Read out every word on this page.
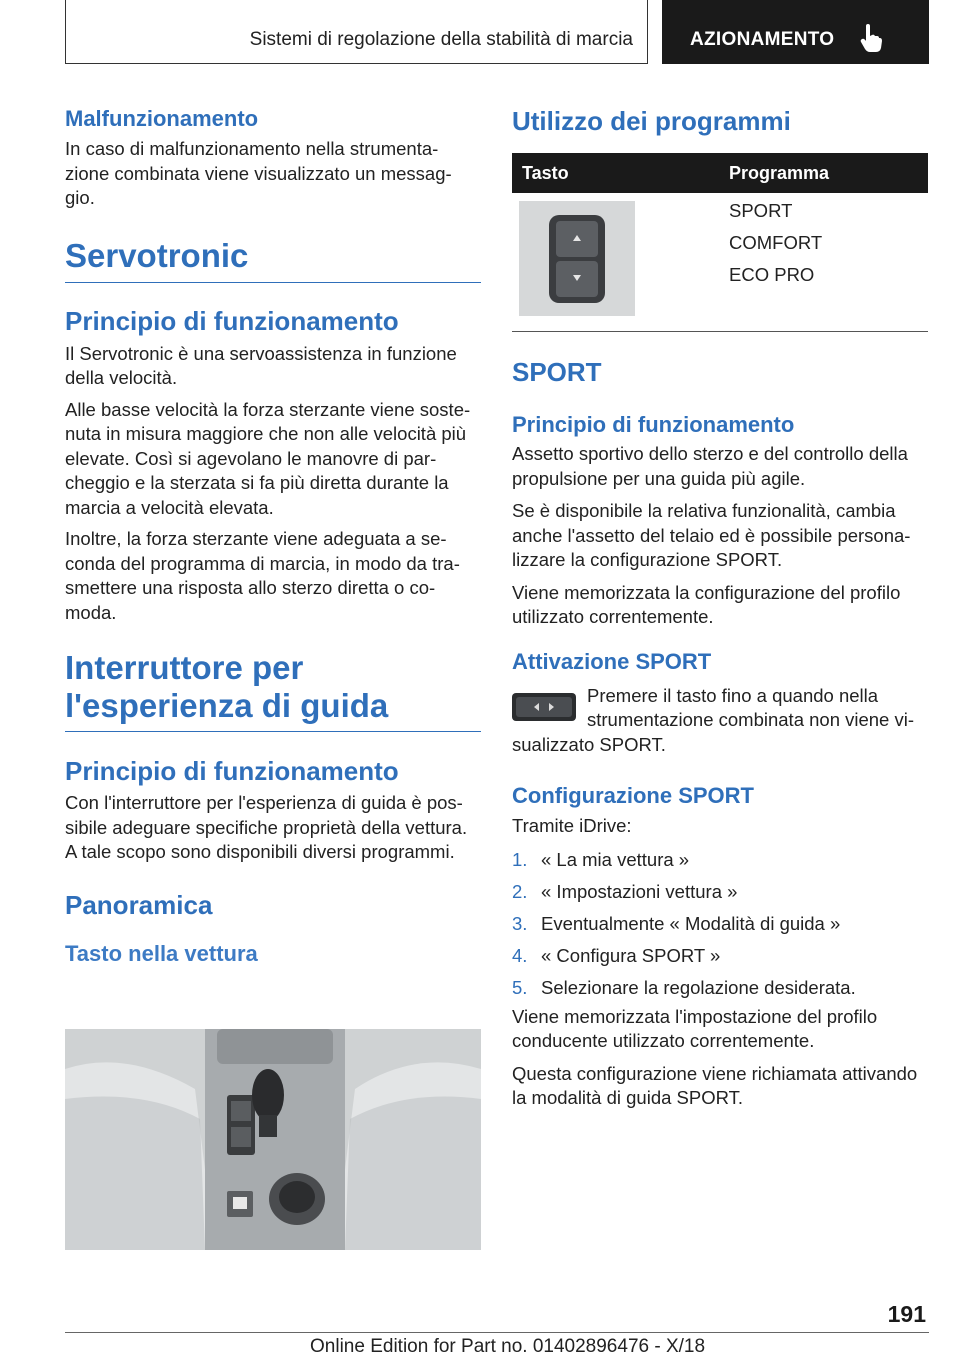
Sistemi di regolazione della stabilità di marcia	AZIONAMENTO
Malfunzionamento

In caso di malfunzionamento nella strumenta-
zione combinata viene visualizzato un messag-
gio.

Servotronic
Principio di funzionamento

Il Servotronic è una servoassistenza in funzione
della velocità.

Alle basse velocità la forza sterzante viene soste-
nuta in misura maggiore che non alle velocità più
elevate. Così si agevolano le manovre di par-
cheggio e la sterzata si fa più diretta durante la
marcia a velocità elevata.

Inoltre, la forza sterzante viene adeguata a se-
conda del programma di marcia, in modo da tra-
smettere una risposta allo sterzo diretta o co-
moda.

Interruttore per
l'esperienza di guida
Principio di funzionamento

Con l'interruttore per l'esperienza di guida è pos-
sibile adeguare specifiche proprietà della vettura.
A tale scopo sono disponibili diversi programmi.

Panoramica
Tasto nella vettura
Utilizzo dei programmi
Tasto	Programma

SPORT
COMFORT
ECO PRO
SPORT
Principio di funzionamento

Assetto sportivo dello sterzo e del controllo della
propulsione per una guida più agile.

Se è disponibile la relativa funzionalità, cambia
anche l'assetto del telaio ed è possibile persona-
lizzare la configurazione SPORT.

Viene memorizzata la configurazione del profilo
utilizzato correntemente.

Attivazione SPORT

Premere il tasto fino a quando nella
strumentazione combinata non viene vi-

sualizzato SPORT.

Configurazione SPORT

Tramite iDrive:

1. « La mia vettura »
2. « Impostazioni vettura »
3. Eventualmente « Modalità di guida »
4. « Configura SPORT »
5. Selezionare la regolazione desiderata.

Viene memorizzata l'impostazione del profilo
conducente utilizzato correntemente.

Questa configurazione viene richiamata attivando
la modalità di guida SPORT.

191
Online Edition for Part no. 01402896476 - X/18
